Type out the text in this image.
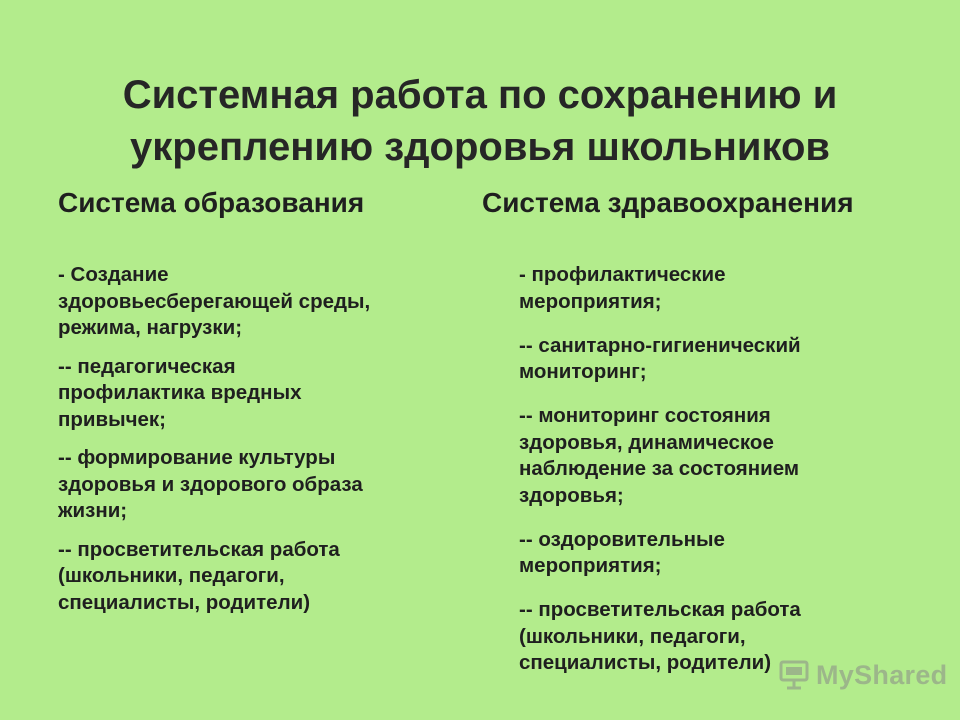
Системная работа по сохранению и укреплению здоровья школьников
Система образования	Система здравоохранения
- Создание здоровьесберегающей среды, режима, нагрузки;
-- педагогическая профилактика вредных привычек;
-- формирование культуры здоровья и здорового образа жизни;
-- просветительская работа (школьники, педагоги, специалисты, родители)
- профилактические мероприятия;
-- санитарно-гигиенический мониторинг;
-- мониторинг состояния здоровья, динамическое наблюдение за состоянием здоровья;
-- оздоровительные мероприятия;
-- просветительская работа (школьники, педагоги, специалисты, родители)	MyShared
